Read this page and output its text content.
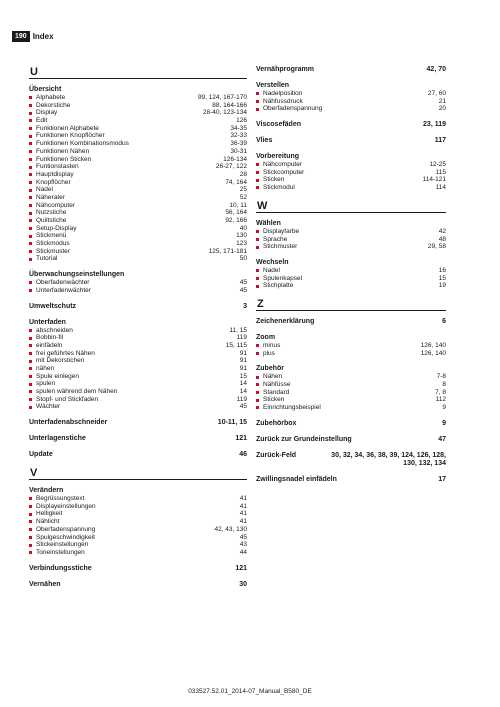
190 Index
U
Übersicht
Alphabete	99, 124, 167-170
Dekorstiche	88, 164-166
Display	28-40, 123-134
Edit	126
Funktionen Alphabete	34-35
Funktionen Knopflöcher	32-33
Funktionen Kombinationsmodus	36-39
Funktionen Nähen	30-31
Funktionen Sticken	126-134
Funtionstasten	26-27, 122
Hauptdisplay	28
Knopflöcher	74, 164
Nadel	25
Näherater	52
Nähcomputer	10, 11
Nutzstiche	56, 164
Quiltstiche	92, 166
Setup-Display	40
Stickmenü	130
Stickmodus	123
Stickmuster	125, 171-181
Tutorial	50
Überwachungseinstellungen
Oberfadenwächter	45
Unterfadenwächter	45
Umweltschutz	3
Unterfaden
abschneiden	11, 15
Bobbin-fil	119
einfädeln	15, 115
frei geführtes Nähen	91
mit Dekorstichen	91
nähen	91
Spule einlegen	15
spulen	14
spulen während dem Nähen	14
Stopf- und Stickfaden	119
Wächter	45
Unterfadenabschneider	10-11, 15
Unterlagenstiche	121
Update	46
V
Verändern
Begrüssungstext	41
Displayeinstellungen	41
Helligkeit	41
Nählicht	41
Oberfadenspannung	42, 43, 130
Spulgeschwindigkeit	45
Stickeinstellungen	43
Toneinstellungen	44
Verbindungsstiche	121
Vernähen	30
Vernähprogramm	42, 70
Verstellen
Nadelposition	27, 60
Nähfussdruck	21
Oberfadenspannung	20
Viscosefäden	23, 119
Vlies	117
Vorbereitung
Nähcomputer	12-25
Stickcomputer	115
Sticken	114-121
Stickmodul	114
W
Wählen
Displayfarbe	42
Sprache	48
Stichmuster	29, 58
Wechseln
Nadel	16
Spulenkapsel	15
Stichplatte	19
Z
Zeichenerklärung	6
Zoom
minus	126, 140
plus	126, 140
Zubehör
Nähen	7-8
Nähfüsse	8
Standard	7, 8
Sticken	112
Einrichtungsbeispiel	9
Zubehörbox	9
Zurück zur Grundeinstellung	47
Zurück-Feld	30, 32, 34, 36, 38, 39, 124, 126, 128, 130, 132, 134
Zwillingsnadel einfädeln	17
033527.52.01_2014-07_Manual_B580_DE
